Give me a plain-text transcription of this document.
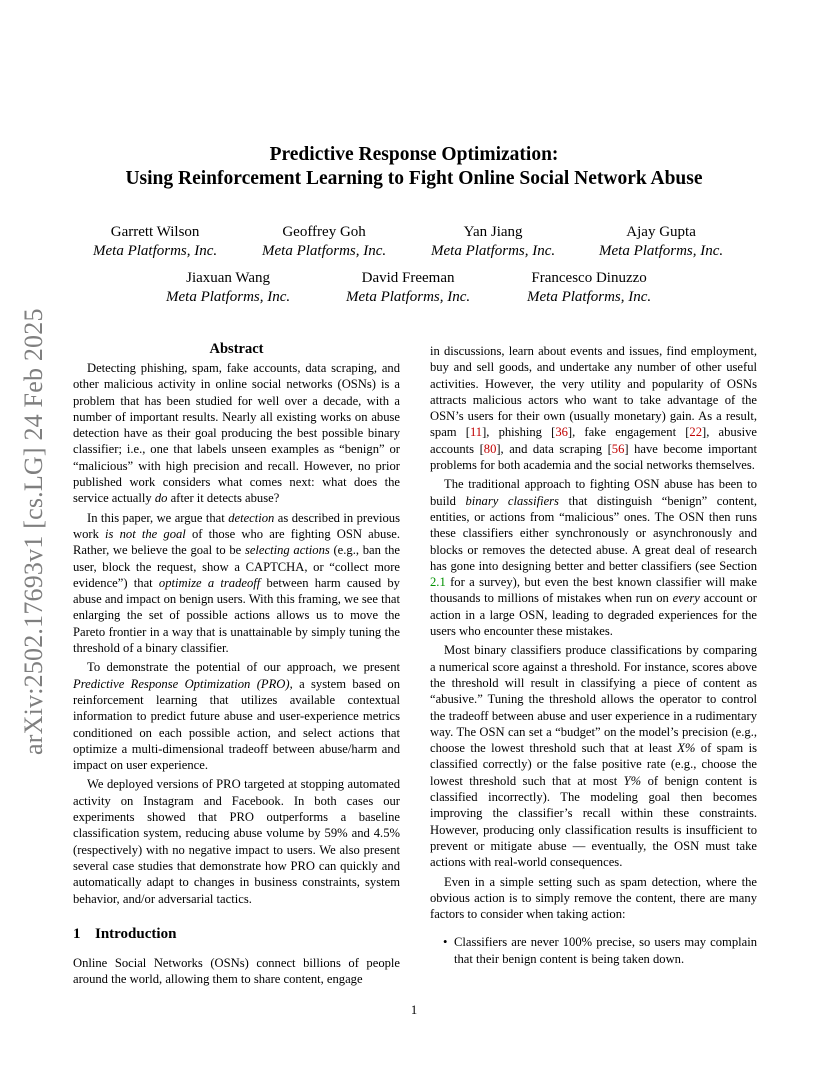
arXiv:2502.17693v1 [cs.LG] 24 Feb 2025
Predictive Response Optimization:
Using Reinforcement Learning to Fight Online Social Network Abuse
Garrett Wilson
Meta Platforms, Inc.
Geoffrey Goh
Meta Platforms, Inc.
Yan Jiang
Meta Platforms, Inc.
Ajay Gupta
Meta Platforms, Inc.
Jiaxuan Wang
Meta Platforms, Inc.
David Freeman
Meta Platforms, Inc.
Francesco Dinuzzo
Meta Platforms, Inc.
Abstract

Detecting phishing, spam, fake accounts, data scraping, and other malicious activity in online social networks (OSNs) is a problem that has been studied for well over a decade, with a number of important results. Nearly all existing works on abuse detection have as their goal producing the best possible binary classifier; i.e., one that labels unseen examples as “benign” or “malicious” with high precision and recall. However, no prior published work considers what comes next: what does the service actually do after it detects abuse?

In this paper, we argue that detection as described in previous work is not the goal of those who are fighting OSN abuse. Rather, we believe the goal to be selecting actions (e.g., ban the user, block the request, show a CAPTCHA, or “collect more evidence”) that optimize a tradeoff between harm caused by abuse and impact on benign users. With this framing, we see that enlarging the set of possible actions allows us to move the Pareto frontier in a way that is unattainable by simply tuning the threshold of a binary classifier.

To demonstrate the potential of our approach, we present Predictive Response Optimization (PRO), a system based on reinforcement learning that utilizes available contextual information to predict future abuse and user-experience metrics conditioned on each possible action, and select actions that optimize a multi-dimensional tradeoff between abuse/harm and impact on user experience.

We deployed versions of PRO targeted at stopping automated activity on Instagram and Facebook. In both cases our experiments showed that PRO outperforms a baseline classification system, reducing abuse volume by 59% and 4.5% (respectively) with no negative impact to users. We also present several case studies that demonstrate how PRO can quickly and automatically adapt to changes in business constraints, system behavior, and/or adversarial tactics.

1 Introduction

Online Social Networks (OSNs) connect billions of people around the world, allowing them to share content, engage

in discussions, learn about events and issues, find employment, buy and sell goods, and undertake any number of other useful activities. However, the very utility and popularity of OSNs attracts malicious actors who want to take advantage of the OSN’s users for their own (usually monetary) gain. As a result, spam [11], phishing [36], fake engagement [22], abusive accounts [80], and data scraping [56] have become important problems for both academia and the social networks themselves.

The traditional approach to fighting OSN abuse has been to build binary classifiers that distinguish “benign” content, entities, or actions from “malicious” ones. The OSN then runs these classifiers either synchronously or asynchronously and blocks or removes the detected abuse. A great deal of research has gone into designing better and better classifiers (see Section 2.1 for a survey), but even the best known classifier will make thousands to millions of mistakes when run on every account or action in a large OSN, leading to degraded experiences for the users who encounter these mistakes.

Most binary classifiers produce classifications by comparing a numerical score against a threshold. For instance, scores above the threshold will result in classifying a piece of content as “abusive.” Tuning the threshold allows the operator to control the tradeoff between abuse and user experience in a rudimentary way. The OSN can set a “budget” on the model’s precision (e.g., choose the lowest threshold such that at least X% of spam is classified correctly) or the false positive rate (e.g., choose the lowest threshold such that at most Y% of benign content is classified incorrectly). The modeling goal then becomes improving the classifier’s recall within these constraints. However, producing only classification results is insufficient to prevent or mitigate abuse — eventually, the OSN must take actions with real-world consequences.

Even in a simple setting such as spam detection, where the obvious action is to simply remove the content, there are many factors to consider when taking action:

• Classifiers are never 100% precise, so users may complain that their benign content is being taken down.
1
